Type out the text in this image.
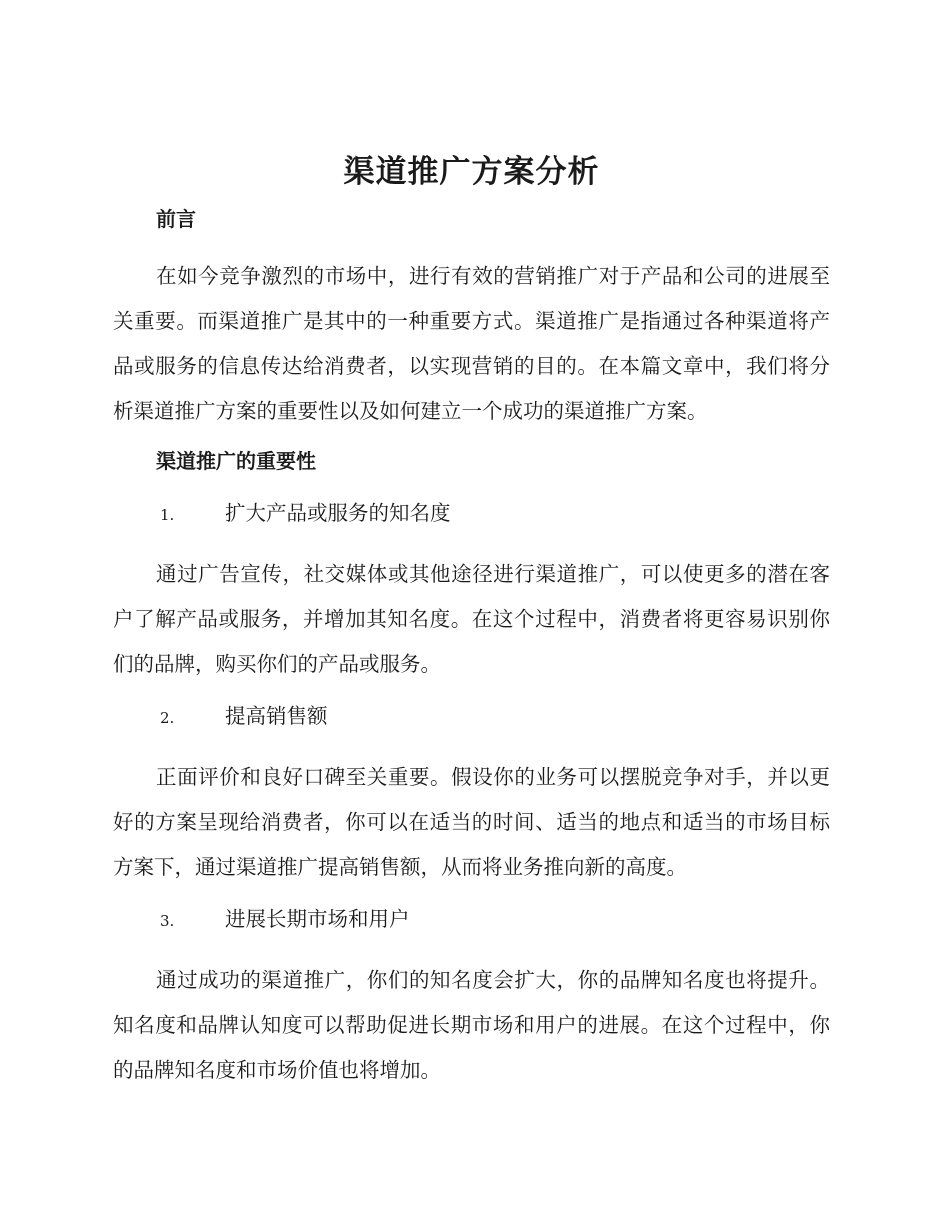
渠道推广方案分析
前言

在如今竞争激烈的市场中，进行有效的营销推广对于产品和公司的进展至关重要。而渠道推广是其中的一种重要方式。渠道推广是指通过各种渠道将产品或服务的信息传达给消费者，以实现营销的目的。在本篇文章中，我们将分析渠道推广方案的重要性以及如何建立一个成功的渠道推广方案。

渠道推广的重要性
1.	扩大产品或服务的知名度

通过广告宣传，社交媒体或其他途径进行渠道推广，可以使更多的潜在客户了解产品或服务，并增加其知名度。在这个过程中，消费者将更容易识别你们的品牌，购买你们的产品或服务。

2.	提高销售额

正面评价和良好口碑至关重要。假设你的业务可以摆脱竞争对手，并以更好的方案呈现给消费者，你可以在适当的时间、适当的地点和适当的市场目标方案下，通过渠道推广提高销售额，从而将业务推向新的高度。

3.	进展长期市场和用户

通过成功的渠道推广，你们的知名度会扩大，你的品牌知名度也将提升。知名度和品牌认知度可以帮助促进长期市场和用户的进展。在这个过程中，你的品牌知名度和市场价值也将增加。
